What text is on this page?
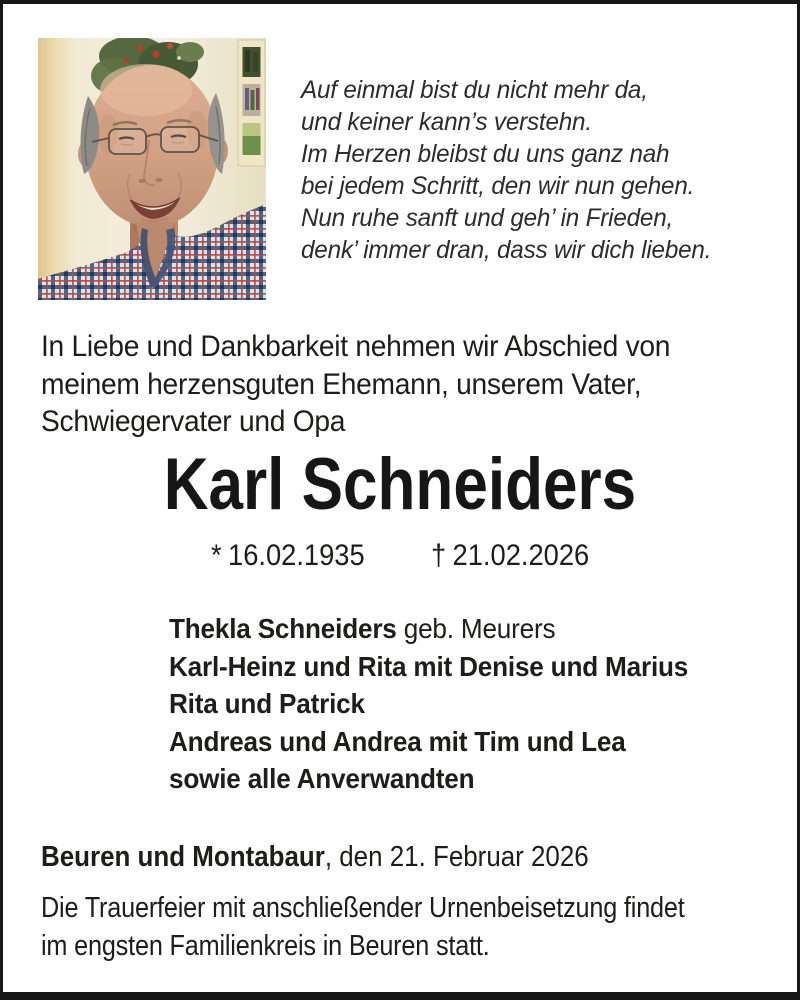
Auf einmal bist du nicht mehr da,
und keiner kann’s verstehn.
Im Herzen bleibst du uns ganz nah
bei jedem Schritt, den wir nun gehen.
Nun ruhe sanft und geh’ in Frieden,
denk’ immer dran, dass wir dich lieben.
In Liebe und Dankbarkeit nehmen wir Abschied von
meinem herzensguten Ehemann, unserem Vater,
Schwiegervater und Opa
Karl Schneiders
* 16.02.1935 † 21.02.2026
Thekla Schneiders geb. Meurers
Karl-Heinz und Rita mit Denise und Marius
Rita und Patrick
Andreas und Andrea mit Tim und Lea
sowie alle Anverwandten
Beuren und Montabaur, den 21. Februar 2026
Die Trauerfeier mit anschließender Urnenbeisetzung findet
im engsten Familienkreis in Beuren statt.
